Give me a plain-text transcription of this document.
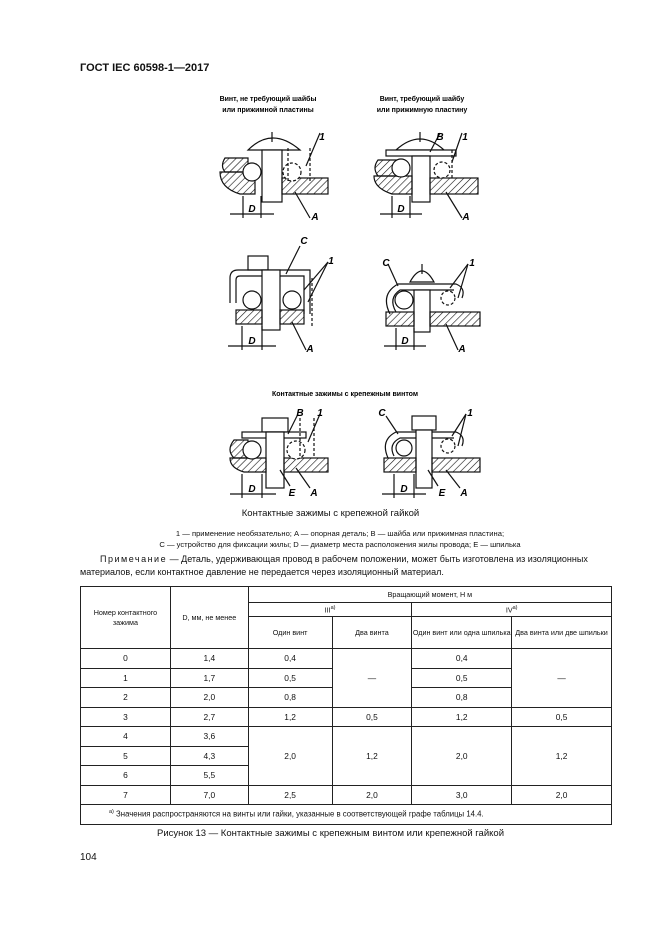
ГОСТ IEC 60598-1—2017
Винт, не требующий шайбы
или прижимной пластины
Винт, требующий шайбу
или прижимную пластину
Контактные зажимы с крепежным винтом
1
D
A
B 1
D
A
C
1
D
A
C	1
D
A
B 1
D	E A
C	1
D	E A
Контактные зажимы с крепежной гайкой
1 — применение необязательно; A — опорная деталь; B — шайба или прижимная пластина;
C — устройство для фиксации жилы; D — диаметр места расположения жилы провода; E — шпилька
Примечание — Деталь, удерживающая провод в рабочем положении, может быть изготовлена из изоляционных материалов, если контактное давление не передается через изоляционный материал.
Номер контактного зажима	D, мм, не менее	Вращающий момент, Н м			
		$III^{а)}$		$IV^{а)}$
		Один винт	Два винта	Один винт или одна шпилька	Два винта или две шпильки
0	1,4	0,4	—	0,4	—
1	1,7	0,5		0,5	
2	2,0	0,8		0,8	
3	2,7	1,2	0,5	1,2	0,5
4	3,6	2,0	1,2	2,0	1,2
5	4,3				
6	5,5				
7	7,0	2,5	2,0	3,0	2,0
$^{а)}$ Значения распространяются на винты или гайки, указанные в соответствующей графе таблицы 14.4.					
Рисунок 13 — Контактные зажимы с крепежным винтом или крепежной гайкой
104
